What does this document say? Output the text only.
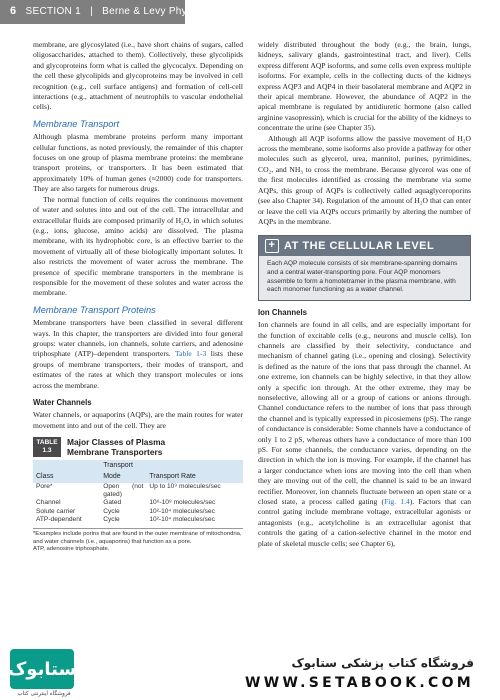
6 SECTION 1 | Berne & Levy Physiology

membrane, are glycosylated (i.e., have short chains of sugars, called oligosaccharides, attached to them). Collectively, these glycolipids and glycoproteins form what is called the glycocalyx. Depending on the cell these glycolipids and glycoproteins may be involved in cell recognition (e.g., cell surface antigens) and formation of cell-cell interactions (e.g., attachment of neutrophils to vascular endothelial cells).

Membrane Transport

Although plasma membrane proteins perform many important cellular functions, as noted previously, the remainder of this chapter focuses on one group of plasma membrane proteins: the membrane transport proteins, or transporters. It has been estimated that approximately 10% of human genes (≈2000) code for transporters. They are also targets for numerous drugs.

The normal function of cells requires the continuous movement of water and solutes into and out of the cell. The intracellular and extracellular fluids are composed primarily of H₂O, in which solutes (e.g., ions, glucose, amino acids) are dissolved. The plasma membrane, with its hydrophobic core, is an effective barrier to the movement of virtually all of these biologically important solutes. It also restricts the movement of water across the membrane. The presence of specific membrane transporters in the membrane is responsible for the movement of these solutes and water across the membrane.

Membrane Transport Proteins

Membrane transporters have been classified in several different ways. In this chapter, the transporters are divided into four general groups: water channels, ion channels, solute carriers, and adenosine triphosphate (ATP)–dependent transporters. Table 1-3 lists these groups of membrane transporters, their modes of transport, and estimates of the rates at which they transport molecules or ions across the membrane.

Water Channels

Water channels, or aquaporins (AQPs), are the main routes for water movement into and out of the cell. They are

TABLE
1.3
Major Classes of Plasma
Membrane Transporters
Class	Transport Mode	Transport Rate
Pore*	Open (not gated)	Up to 10⁹ molecules/sec
Channel	Gated	10⁶-10⁸ molecules/sec
Solute carrier	Cycle	10²-10⁴ molecules/sec
ATP-dependent	Cycle	10²-10⁴ molecules/sec
*Examples include porins that are found in the outer membrane of mitochondria, and water channels (i.e., aquaporins) that function as a pore.
ATP, adenosine triphosphate.

widely distributed throughout the body (e.g., the brain, lungs, kidneys, salivary glands, gastrointestinal tract, and liver). Cells express different AQP isoforms, and some cells even express multiple isoforms. For example, cells in the collecting ducts of the kidneys express AQP3 and AQP4 in their basolateral membrane and AQP2 in their apical membrane. However, the abundance of AQP2 in the apical membrane is regulated by antidiuretic hormone (also called arginine vasopressin), which is crucial for the ability of the kidneys to concentrate the urine (see Chapter 35).

Although all AQP isoforms allow the passive movement of H₂O across the membrane, some isoforms also provide a pathway for other molecules such as glycerol, urea, mannitol, purines, pyrimidines, CO₂, and NH₃ to cross the membrane. Because glycerol was one of the first molecules identified as crossing the membrane via some AQPs, this group of AQPs is collectively called aquaglyceroporins (see also Chapter 34). Regulation of the amount of H₂O that can enter or leave the cell via AQPs occurs primarily by altering the number of AQPs in the membrane.

+ AT THE CELLULAR LEVEL
Each AQP molecule consists of six membrane-spanning domains and a central water-transporting pore. Four AQP monomers assemble to form a homotetramer in the plasma membrane, with each monomer functioning as a water channel.
Ion Channels

Ion channels are found in all cells, and are especially important for the function of excitable cells (e.g., neurons and muscle cells). Ion channels are classified by their selectivity, conductance and mechanism of channel gating (i.e., opening and closing). Selectivity is defined as the nature of the ions that pass through the channel. At one extreme, ion channels can be highly selective, in that they allow only a specific ion through. At the other extreme, they may be nonselective, allowing all or a group of cations or anions through. Channel conductance refers to the number of ions that pass through the channel and is typically expressed in picosiemens (pS). The range of conductance is considerable: Some channels have a conductance of only 1 to 2 pS, whereas others have a conductance of more than 100 pS. For some channels, the conductance varies, depending on the direction in which the ion is moving. For example, if the channel has a larger conductance when ions are moving into the cell than when they are moving out of the cell, the channel is said to be an inward rectifier. Moreover, ion channels fluctuate between an open state or a closed state, a process called gating (Fig. 1.4). Factors that can control gating include membrane voltage, extracellular agonists or antagonists (e.g., acetylcholine is an extracellular agonist that controls the gating of a cation-selective channel in the motor end plate of skeletal muscle cells; see Chapter 6),

ستابوک
فروشگاه اینترنتی کتاب
فروشگاه کتاب پزشکی ستابوک
WWW.SETABOOK.COM
